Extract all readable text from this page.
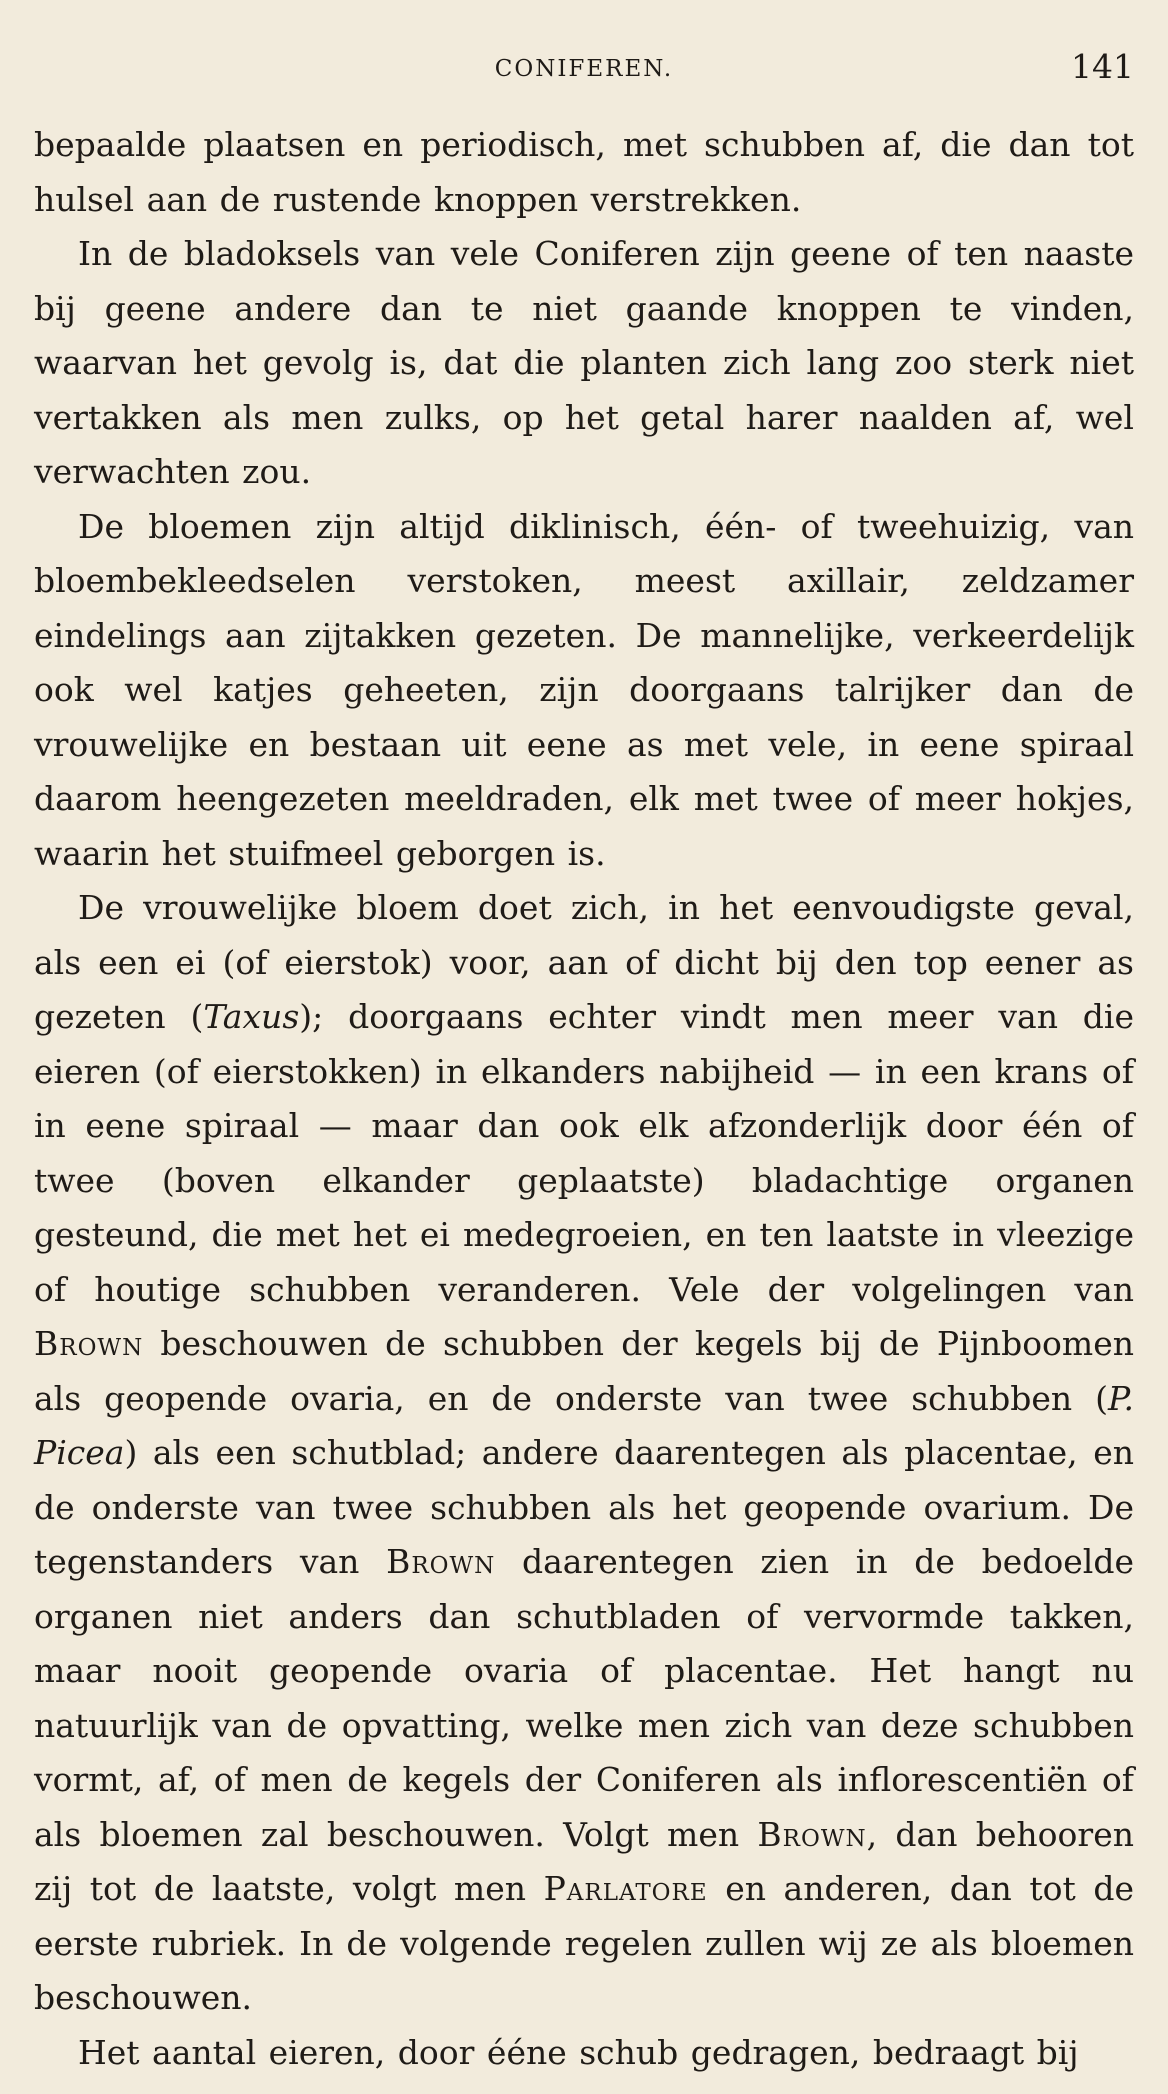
CONIFEREN.	141

bepaalde plaatsen en periodisch, met schubben af, die dan tot hulsel aan de rustende knoppen verstrekken.

In de bladoksels van vele Coniferen zijn geene of ten naaste bij geene andere dan te niet gaande knoppen te vinden, waarvan het gevolg is, dat die planten zich lang zoo sterk niet vertakken als men zulks, op het getal harer naalden af, wel verwachten zou.

De bloemen zijn altijd diklinisch, één- of tweehuizig, van bloembekleedselen verstoken, meest axillair, zeldzamer eindelings aan zijtakken gezeten. De mannelijke, verkeerdelijk ook wel katjes geheeten, zijn doorgaans talrijker dan de vrouwelijke en bestaan uit eene as met vele, in eene spiraal daarom heengezeten meeldraden, elk met twee of meer hokjes, waarin het stuifmeel geborgen is.

De vrouwelijke bloem doet zich, in het eenvoudigste geval, als een ei (of eierstok) voor, aan of dicht bij den top eener as gezeten (Taxus); doorgaans echter vindt men meer van die eieren (of eierstokken) in elkanders nabijheid — in een krans of in eene spiraal — maar dan ook elk afzonderlijk door één of twee (boven elkander geplaatste) bladachtige organen gesteund, die met het ei medegroeien, en ten laatste in vleezige of houtige schubben veranderen. Vele der volgelingen van Brown beschouwen de schubben der kegels bij de Pijnboomen als geopende ovaria, en de onderste van twee schubben (P. Picea) als een schutblad; andere daarentegen als placentae, en de onderste van twee schubben als het geopende ovarium. De tegenstanders van Brown daarentegen zien in de bedoelde organen niet anders dan schutbladen of vervormde takken, maar nooit geopende ovaria of placentae. Het hangt nu natuurlijk van de opvatting, welke men zich van deze schubben vormt, af, of men de kegels der Coniferen als inflorescentiën of als bloemen zal beschouwen. Volgt men Brown, dan behooren zij tot de laatste, volgt men Parlatore en anderen, dan tot de eerste rubriek. In de volgende regelen zullen wij ze als bloemen beschouwen.

Het aantal eieren, door ééne schub gedragen, bedraagt bij
